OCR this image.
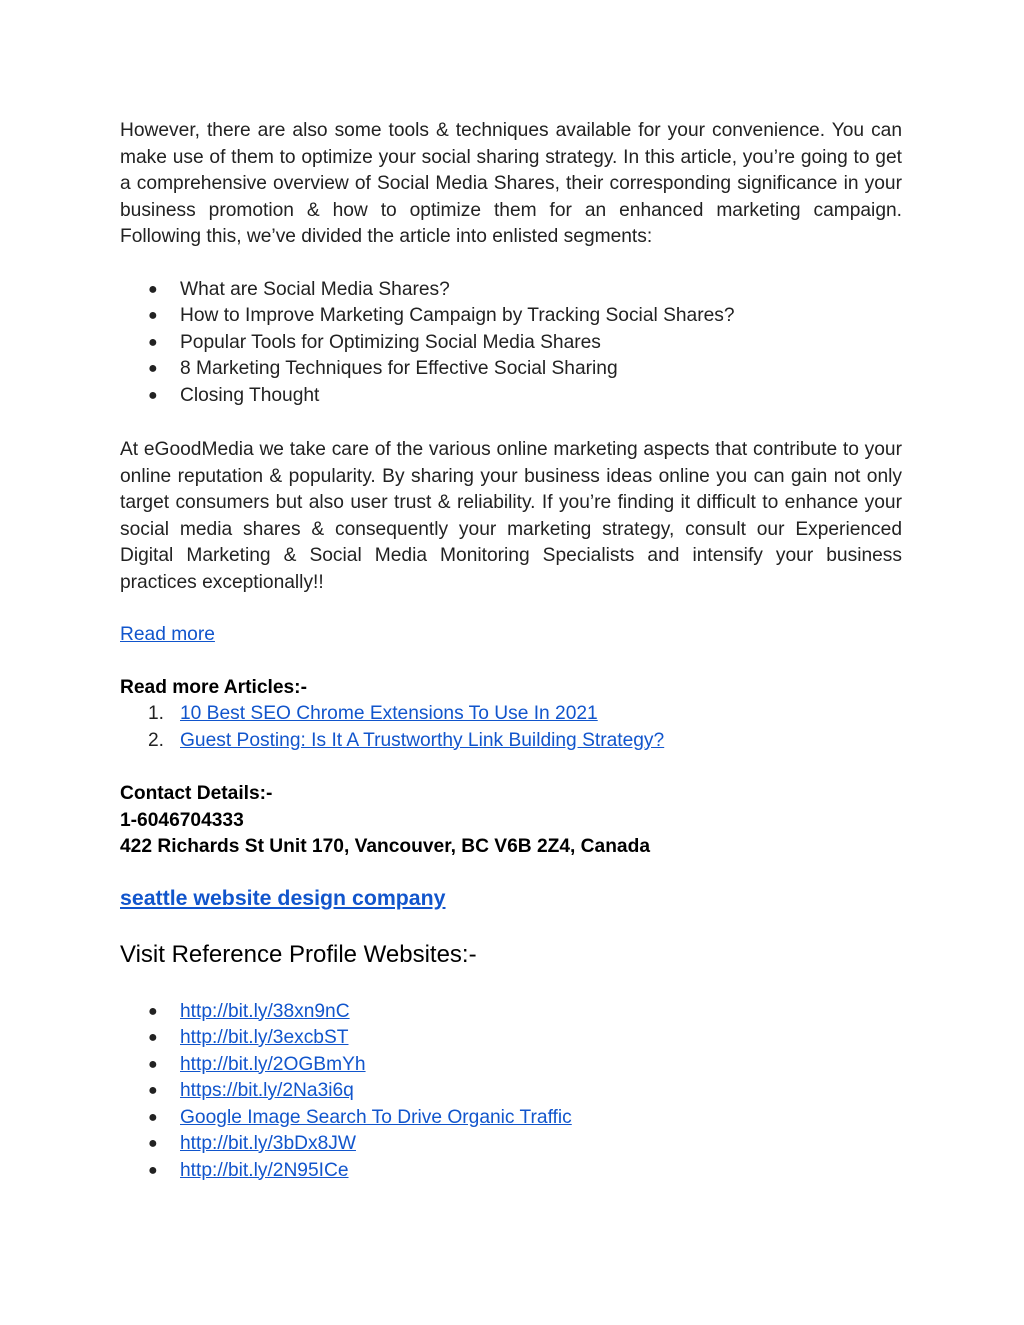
However, there are also some tools & techniques available for your convenience. You can make use of them to optimize your social sharing strategy. In this article, you’re going to get a comprehensive overview of Social Media Shares, their corresponding significance in your business promotion & how to optimize them for an enhanced marketing campaign. Following this, we’ve divided the article into enlisted segments:

● What are Social Media Shares?
● How to Improve Marketing Campaign by Tracking Social Shares?
● Popular Tools for Optimizing Social Media Shares
● 8 Marketing Techniques for Effective Social Sharing
● Closing Thought

At eGoodMedia we take care of the various online marketing aspects that contribute to your online reputation & popularity. By sharing your business ideas online you can gain not only target consumers but also user trust & reliability. If you’re finding it difficult to enhance your social media shares & consequently your marketing strategy, consult our Experienced Digital Marketing & Social Media Monitoring Specialists and intensify your business practices exceptionally!!

Read more

Read more Articles:-

1. 10 Best SEO Chrome Extensions To Use In 2021
2. Guest Posting: Is It A Trustworthy Link Building Strategy?

Contact Details:-

1-6046704333

422 Richards St Unit 170, Vancouver, BC V6B 2Z4, Canada

seattle website design company

Visit Reference Profile Websites:-
● http://bit.ly/38xn9nC
● http://bit.ly/3excbST
● http://bit.ly/2OGBmYh
● https://bit.ly/2Na3i6q
● Google Image Search To Drive Organic Traffic
● http://bit.ly/3bDx8JW
● http://bit.ly/2N95ICe
